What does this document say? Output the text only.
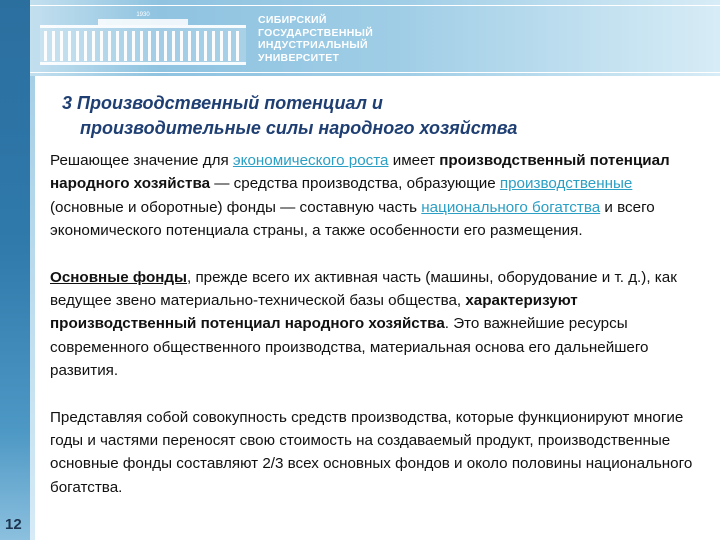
1930	СИБИРСКИЙ
ГОСУДАРСТВЕННЫЙ
ИНДУСТРИАЛЬНЫЙ
УНИВЕРСИТЕТ
12
3 Производственный потенциал и
производительные силы народного хозяйства

Решающее значение для экономического роста имеет производственный потенциал народного хозяйства — средства производства, образующие производственные (основные и оборотные) фонды — составную часть национального богатства и всего экономического потенциала страны, а также особенности его размещения.

Основные фонды, прежде всего их активная часть (машины, оборудование и т. д.), как ведущее звено материально-технической базы общества, характеризуют производственный потенциал народного хозяйства. Это важнейшие ресурсы современного общественного производства, материальная основа его дальнейшего развития.

Представляя собой совокупность средств производства, которые функционируют многие годы и частями переносят свою стоимость на создаваемый продукт, производственные основные фонды составляют 2/3 всех основных фондов и около половины национального богатства.
